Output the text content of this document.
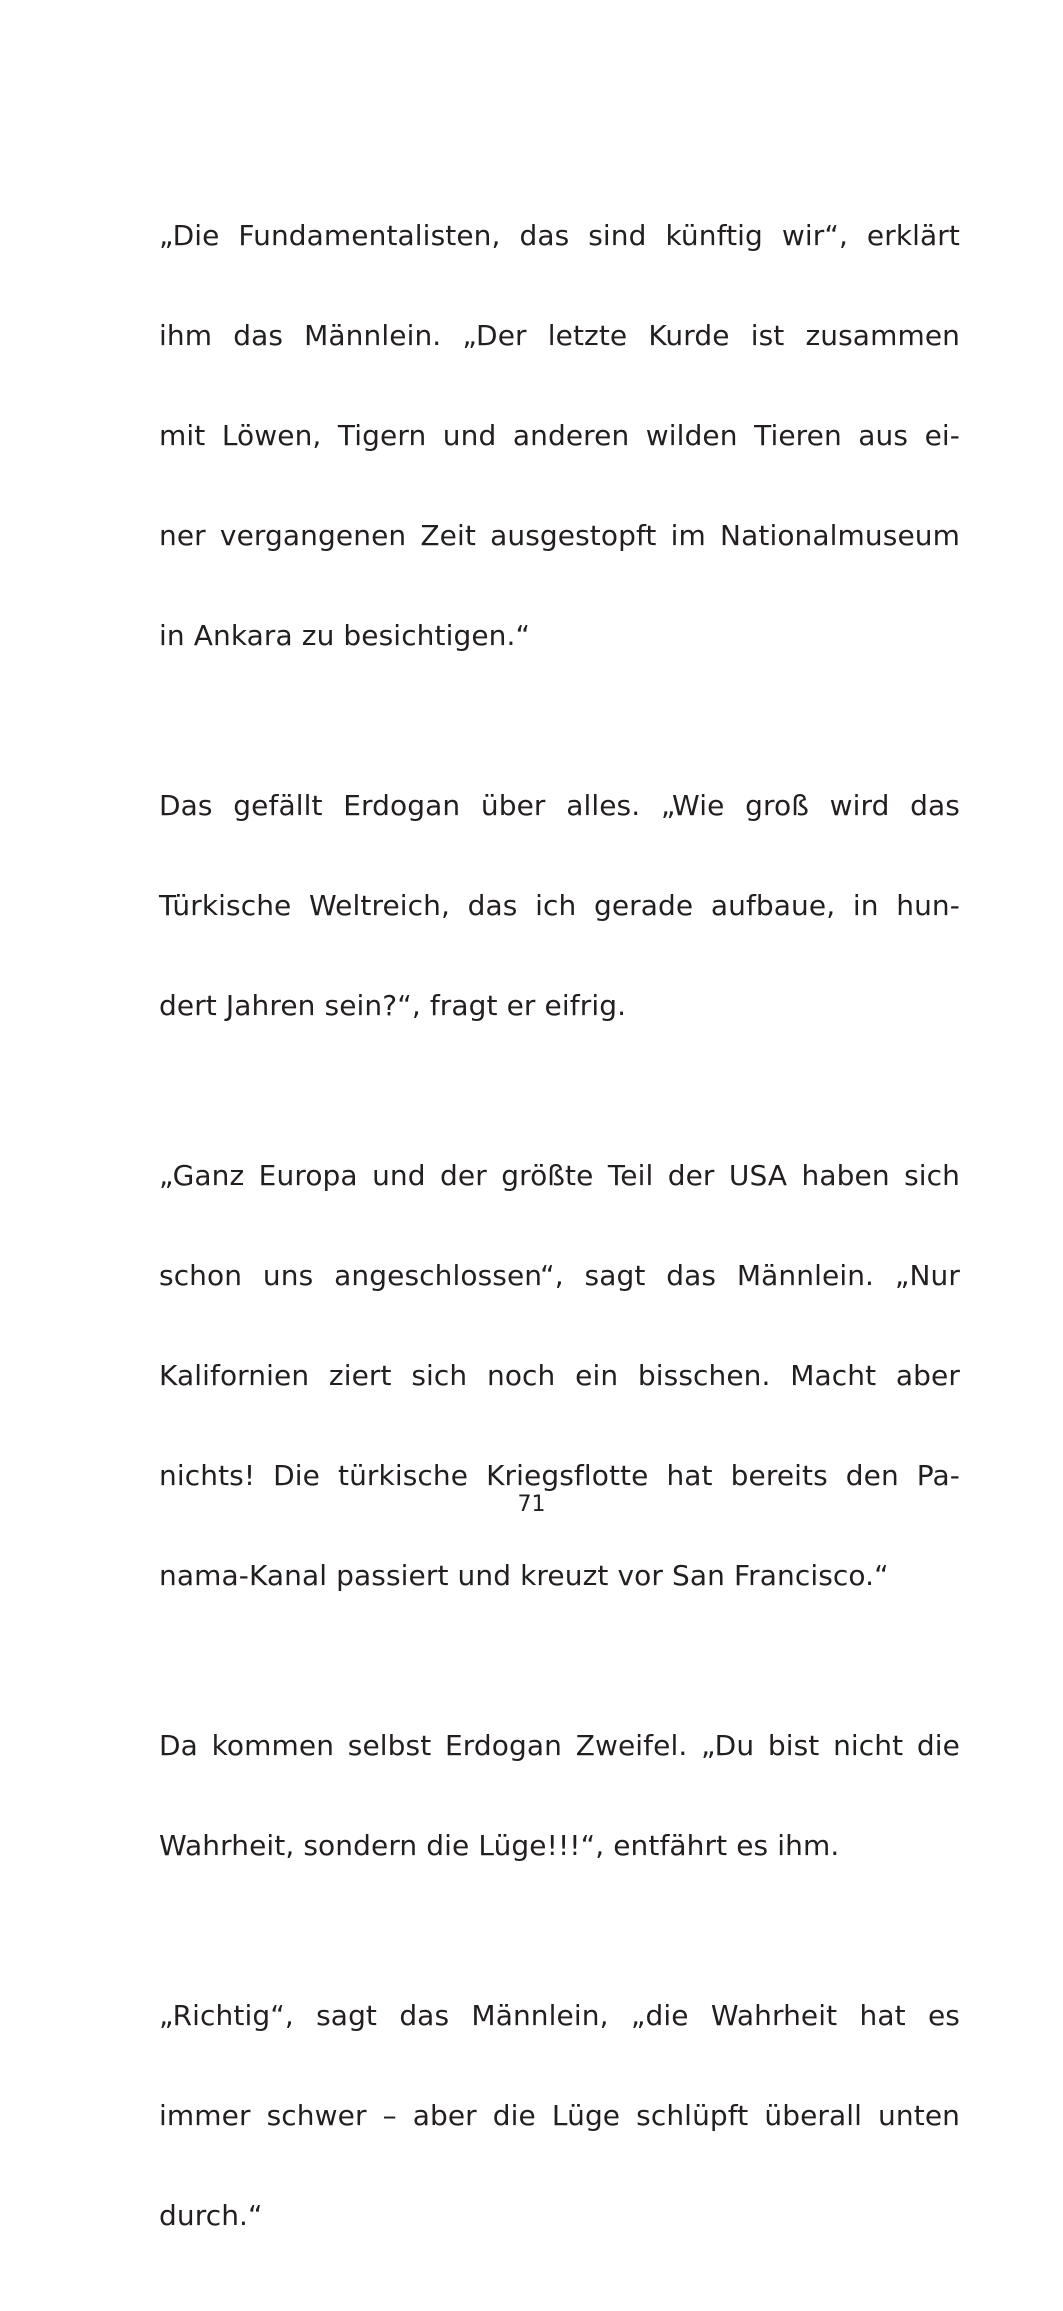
„Die Fundamentalisten, das sind künftig wir“, erklärt

ihm das Männlein. „Der letzte Kurde ist zusammen

mit Löwen, Tigern und anderen wilden Tieren aus ei-

ner vergangenen Zeit ausgestopft im Nationalmuseum

in Ankara zu besichtigen.“

Das gefällt Erdogan über alles. „Wie groß wird das

Türkische Weltreich, das ich gerade aufbaue, in hun-

dert Jahren sein?“, fragt er eifrig.

„Ganz Europa und der größte Teil der USA haben sich

schon uns angeschlossen“, sagt das Männlein. „Nur

Kalifornien ziert sich noch ein bisschen. Macht aber

nichts! Die türkische Kriegsflotte hat bereits den Pa-

nama-Kanal passiert und kreuzt vor San Francisco.“

Da kommen selbst Erdogan Zweifel. „Du bist nicht die

Wahrheit, sondern die Lüge!!!“, entfährt es ihm.

„Richtig“, sagt das Männlein, „die Wahrheit hat es

immer schwer – aber die Lüge schlüpft überall unten

durch.“

71
